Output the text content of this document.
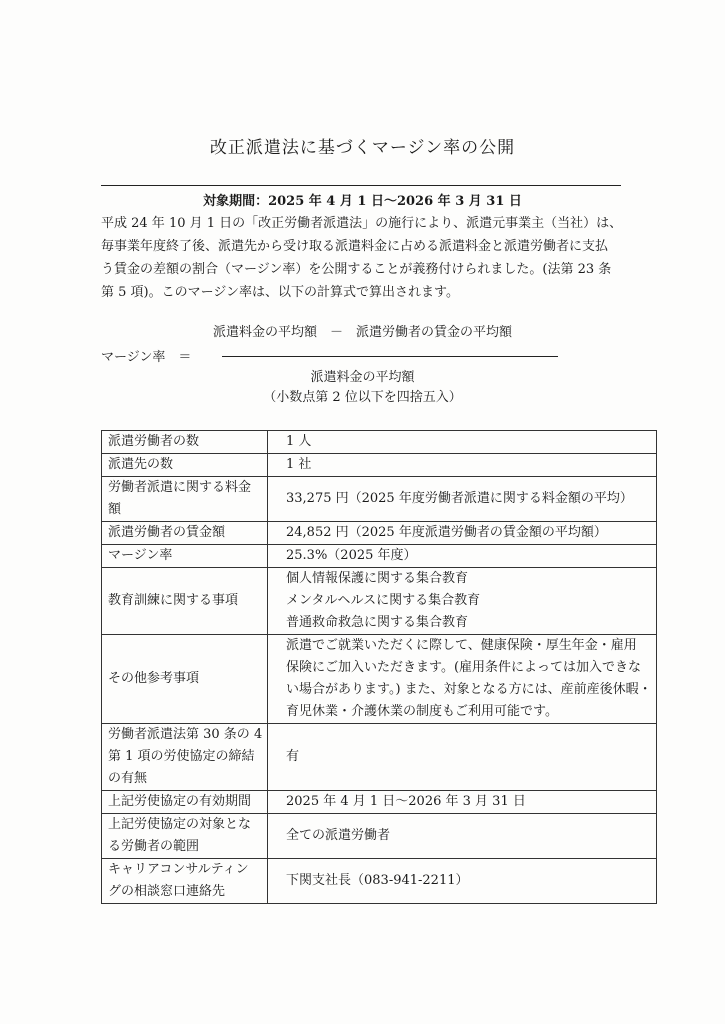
改正派遣法に基づくマージン率の公開
対象期間：2025 年 4 月 1 日～2026 年 3 月 31 日
平成 24 年 10 月 1 日の「改正労働者派遣法」の施行により、派遣元事業主（当社）は、
毎事業年度終了後、派遣先から受け取る派遣料金に占める派遣料金と派遣労働者に支払
う賃金の差額の割合（マージン率）を公開することが義務付けられました。(法第 23 条
第 5 項)。このマージン率は、以下の計算式で算出されます。
派遣料金の平均額　－　派遣労働者の賃金の平均額
マージン率　＝
派遣料金の平均額
（小数点第 2 位以下を四捨五入）
派遣労働者の数	1 人

派遣先の数	1 社

労働者派遣に関する料金
額	33,275 円（2025 年度労働者派遣に関する料金額の平均）

派遣労働者の賃金額	24,852 円（2025 年度派遣労働者の賃金額の平均額）

マージン率	25.3%（2025 年度）

教育訓練に関する事項	個人情報保護に関する集合教育
メンタルヘルスに関する集合教育
普通救命救急に関する集合教育

その他参考事項	派遣でご就業いただくに際して、健康保険・厚生年金・雇用
保険にご加入いただきます。(雇用条件によっては加入できな
い場合があります。) また、対象となる方には、産前産後休暇・
育児休業・介護休業の制度もご利用可能です。

労働者派遣法第 30 条の 4
第 1 項の労使協定の締結
の有無	有

上記労使協定の有効期間	2025 年 4 月 1 日～2026 年 3 月 31 日

上記労使協定の対象とな
る労働者の範囲	全ての派遣労働者

キャリアコンサルティン
グの相談窓口連絡先	下関支社長（083-941-2211）
